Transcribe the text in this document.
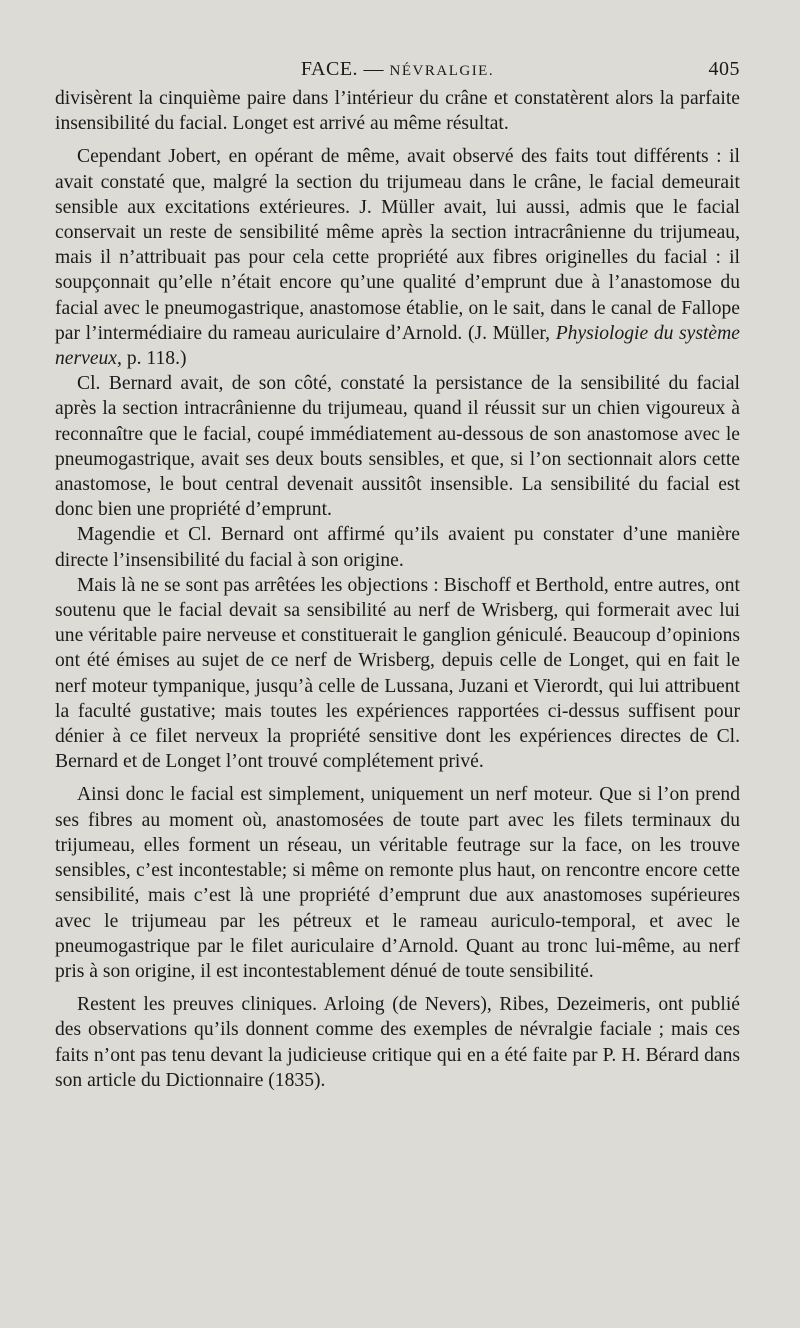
FACE. — NÉVRALGIE.	405

divisèrent la cinquième paire dans l’intérieur du crâne et constatèrent alors la parfaite insensibilité du facial. Longet est arrivé au même résultat.

Cependant Jobert, en opérant de même, avait observé des faits tout différents : il avait constaté que, malgré la section du trijumeau dans le crâne, le facial demeurait sensible aux excitations extérieures. J. Müller avait, lui aussi, admis que le facial conservait un reste de sensibilité même après la section intracrânienne du trijumeau, mais il n’attribuait pas pour cela cette propriété aux fibres originelles du facial : il soupçonnait qu’elle n’était encore qu’une qualité d’emprunt due à l’anastomose du facial avec le pneumogastrique, anastomose établie, on le sait, dans le canal de Fallope par l’intermédiaire du rameau auriculaire d’Arnold. (J. Müller, Physiologie du système nerveux, p. 118.)

Cl. Bernard avait, de son côté, constaté la persistance de la sensibilité du facial après la section intracrânienne du trijumeau, quand il réussit sur un chien vigoureux à reconnaître que le facial, coupé immédiatement au-dessous de son anastomose avec le pneumogastrique, avait ses deux bouts sensibles, et que, si l’on sectionnait alors cette anastomose, le bout central devenait aussitôt insensible. La sensibilité du facial est donc bien une propriété d’emprunt.

Magendie et Cl. Bernard ont affirmé qu’ils avaient pu constater d’une manière directe l’insensibilité du facial à son origine.

Mais là ne se sont pas arrêtées les objections : Bischoff et Berthold, entre autres, ont soutenu que le facial devait sa sensibilité au nerf de Wrisberg, qui formerait avec lui une véritable paire nerveuse et constituerait le ganglion géniculé. Beaucoup d’opinions ont été émises au sujet de ce nerf de Wrisberg, depuis celle de Longet, qui en fait le nerf moteur tympanique, jusqu’à celle de Lussana, Juzani et Vierordt, qui lui attribuent la faculté gustative; mais toutes les expériences rapportées ci-dessus suffisent pour dénier à ce filet nerveux la propriété sensitive dont les expériences directes de Cl. Bernard et de Longet l’ont trouvé complétement privé.

Ainsi donc le facial est simplement, uniquement un nerf moteur. Que si l’on prend ses fibres au moment où, anastomosées de toute part avec les filets terminaux du trijumeau, elles forment un réseau, un véritable feutrage sur la face, on les trouve sensibles, c’est incontestable; si même on remonte plus haut, on rencontre encore cette sensibilité, mais c’est là une propriété d’emprunt due aux anastomoses supérieures avec le trijumeau par les pétreux et le rameau auriculo-temporal, et avec le pneumogastrique par le filet auriculaire d’Arnold. Quant au tronc lui-même, au nerf pris à son origine, il est incontestablement dénué de toute sensibilité.

Restent les preuves cliniques. Arloing (de Nevers), Ribes, Dezeimeris, ont publié des observations qu’ils donnent comme des exemples de névralgie faciale ; mais ces faits n’ont pas tenu devant la judicieuse critique qui en a été faite par P. H. Bérard dans son article du Dictionnaire (1835).
